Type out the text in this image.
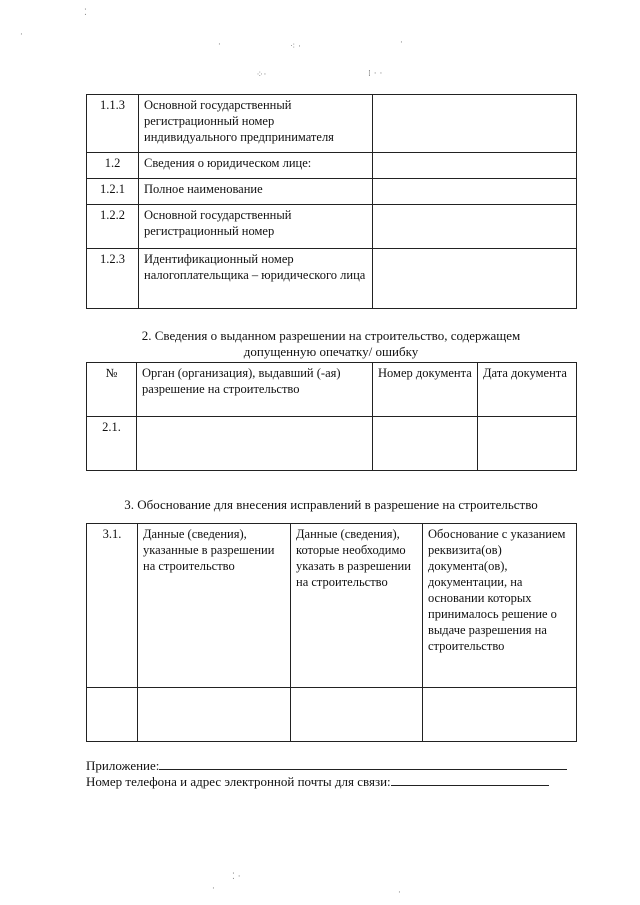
⁚
·
·	⁖ ·	·
⁘·	⁞ · ·
⁚ ·
·	·
1.1.3	Основной государственный регистрационный номер индивидуального предпринимателя	
1.2	Сведения о юридическом лице:	
1.2.1	Полное наименование	
1.2.2	Основной государственный регистрационный номер	
1.2.3	Идентификационный номер налогоплательщика – юридического лица	
2. Сведения о выданном разрешении на строительство, содержащем
допущенную опечатку/ ошибку
№	Орган (организация), выдавший (-ая) разрешение на строительство	Номер документа	Дата документа
2.1.			
3. Обоснование для внесения исправлений в разрешение на строительство
3.1.	Данные (сведения), указанные в разрешении на строительство	Данные (сведения), которые необходимо указать в разрешении на строительство	Обоснование с указанием реквизита(ов) документа(ов), документации, на основании которых принималось решение о выдаче разрешения на строительство

Приложение:
Номер телефона и адрес электронной почты для связи:
